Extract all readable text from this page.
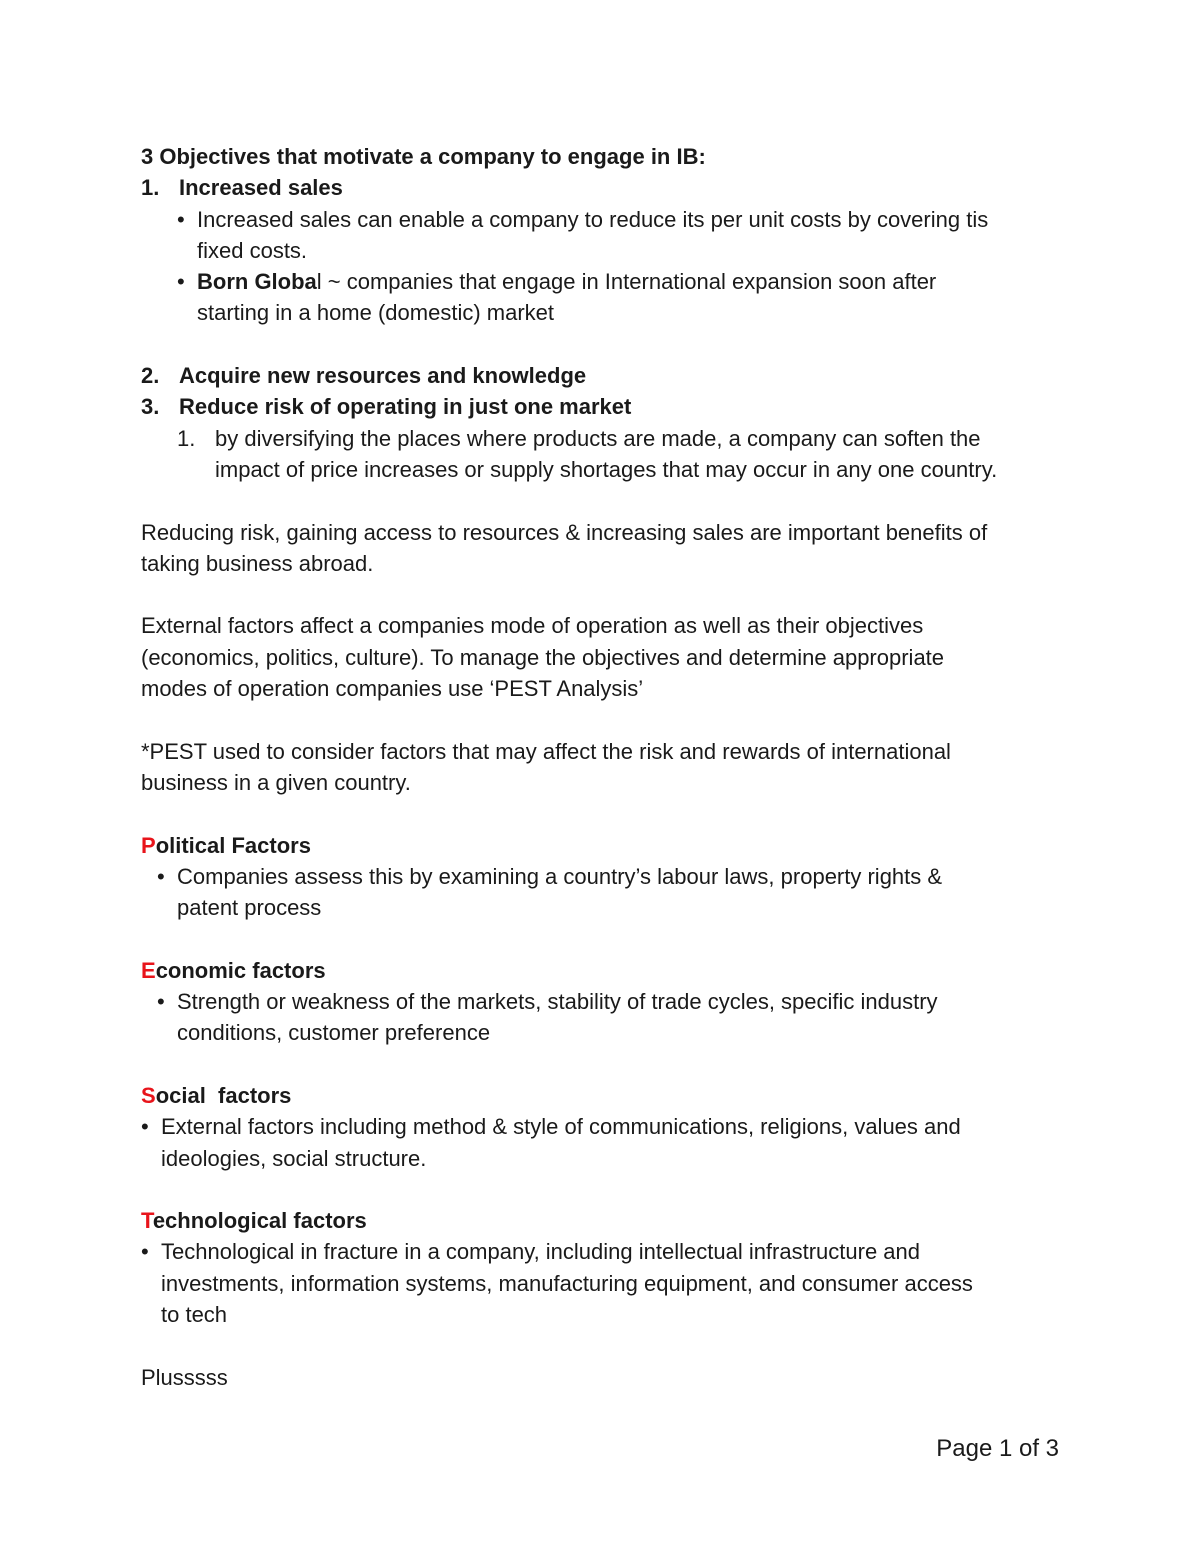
3 Objectives that motivate a company to engage in IB:
1. Increased sales
• Increased sales can enable a company to reduce its per unit costs by covering tis
fixed costs.
• Born Global ~ companies that engage in International expansion soon after
starting in a home (domestic) market
2. Acquire new resources and knowledge
3. Reduce risk of operating in just one market
1. by diversifying the places where products are made, a company can soften the
impact of price increases or supply shortages that may occur in any one country.
Reducing risk, gaining access to resources & increasing sales are important benefits of
taking business abroad.
External factors affect a companies mode of operation as well as their objectives
(economics, politics, culture). To manage the objectives and determine appropriate
modes of operation companies use ‘PEST Analysis’
*PEST used to consider factors that may affect the risk and rewards of international
business in a given country.
Political Factors
• Companies assess this by examining a country’s labour laws, property rights &
patent process
Economic factors
• Strength or weakness of the markets, stability of trade cycles, specific industry
conditions, customer preference
Social  factors
• External factors including method & style of communications, religions, values and
ideologies, social structure.
Technological factors
• Technological in fracture in a company, including intellectual infrastructure and
investments, information systems, manufacturing equipment, and consumer access
to tech
Plusssss
Page 1 of 3
